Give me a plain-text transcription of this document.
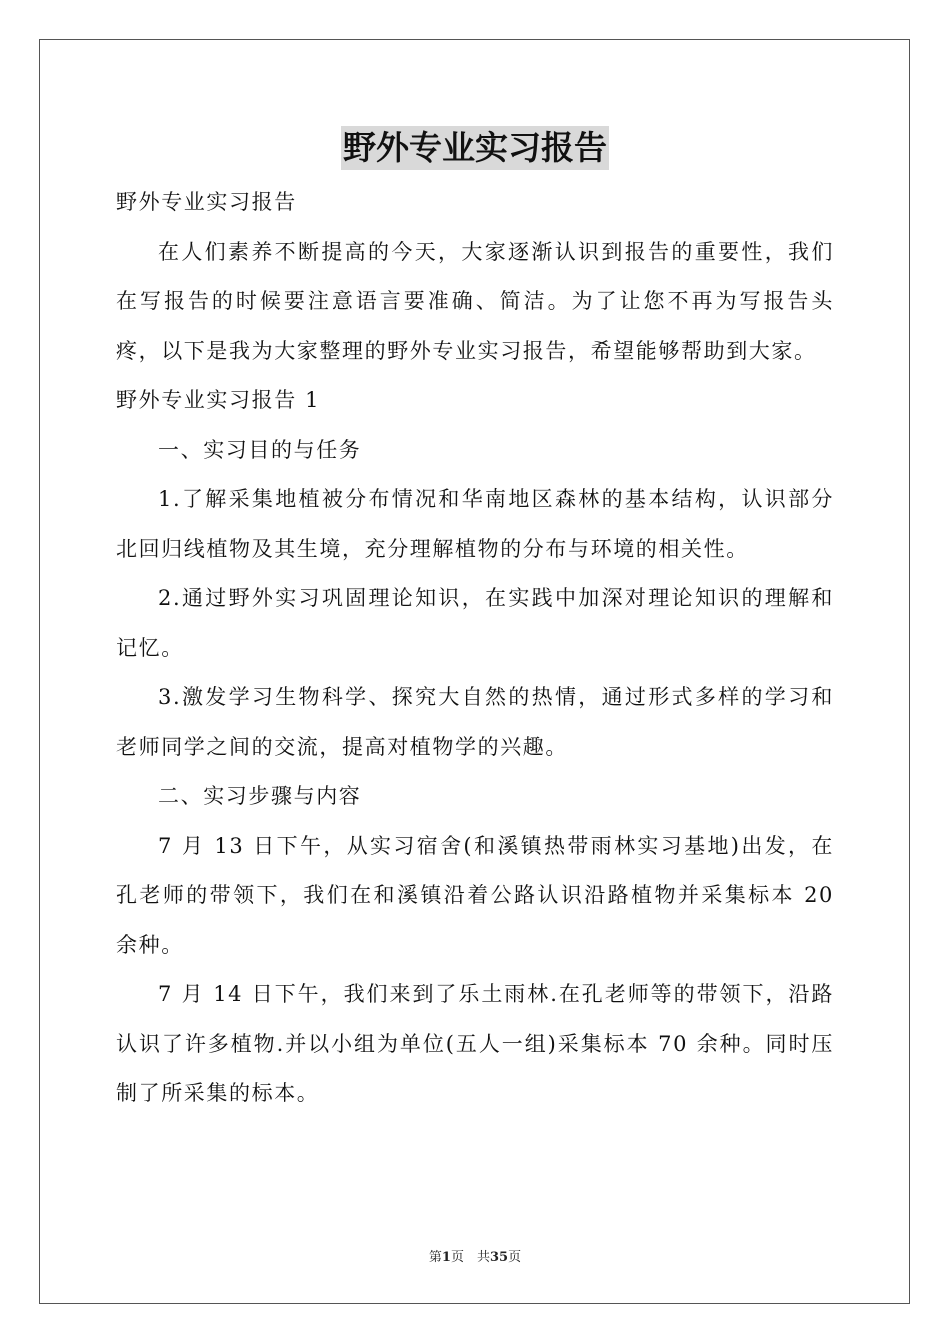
野外专业实习报告

野外专业实习报告

在人们素养不断提高的今天，大家逐渐认识到报告的重要性，我们在写报告的时候要注意语言要准确、简洁。为了让您不再为写报告头疼，以下是我为大家整理的野外专业实习报告，希望能够帮助到大家。

野外专业实习报告 1

一、实习目的与任务

1.了解采集地植被分布情况和华南地区森林的基本结构，认识部分北回归线植物及其生境，充分理解植物的分布与环境的相关性。

2.通过野外实习巩固理论知识，在实践中加深对理论知识的理解和记忆。

3.激发学习生物科学、探究大自然的热情，通过形式多样的学习和老师同学之间的交流，提高对植物学的兴趣。

二、实习步骤与内容

7 月 13 日下午，从实习宿舍(和溪镇热带雨林实习基地)出发，在孔老师的带领下，我们在和溪镇沿着公路认识沿路植物并采集标本 20 余种。

7 月 14 日下午，我们来到了乐土雨林.在孔老师等的带领下，沿路认识了许多植物.并以小组为单位(五人一组)采集标本 70 余种。同时压制了所采集的标本。

第1页　共35页
